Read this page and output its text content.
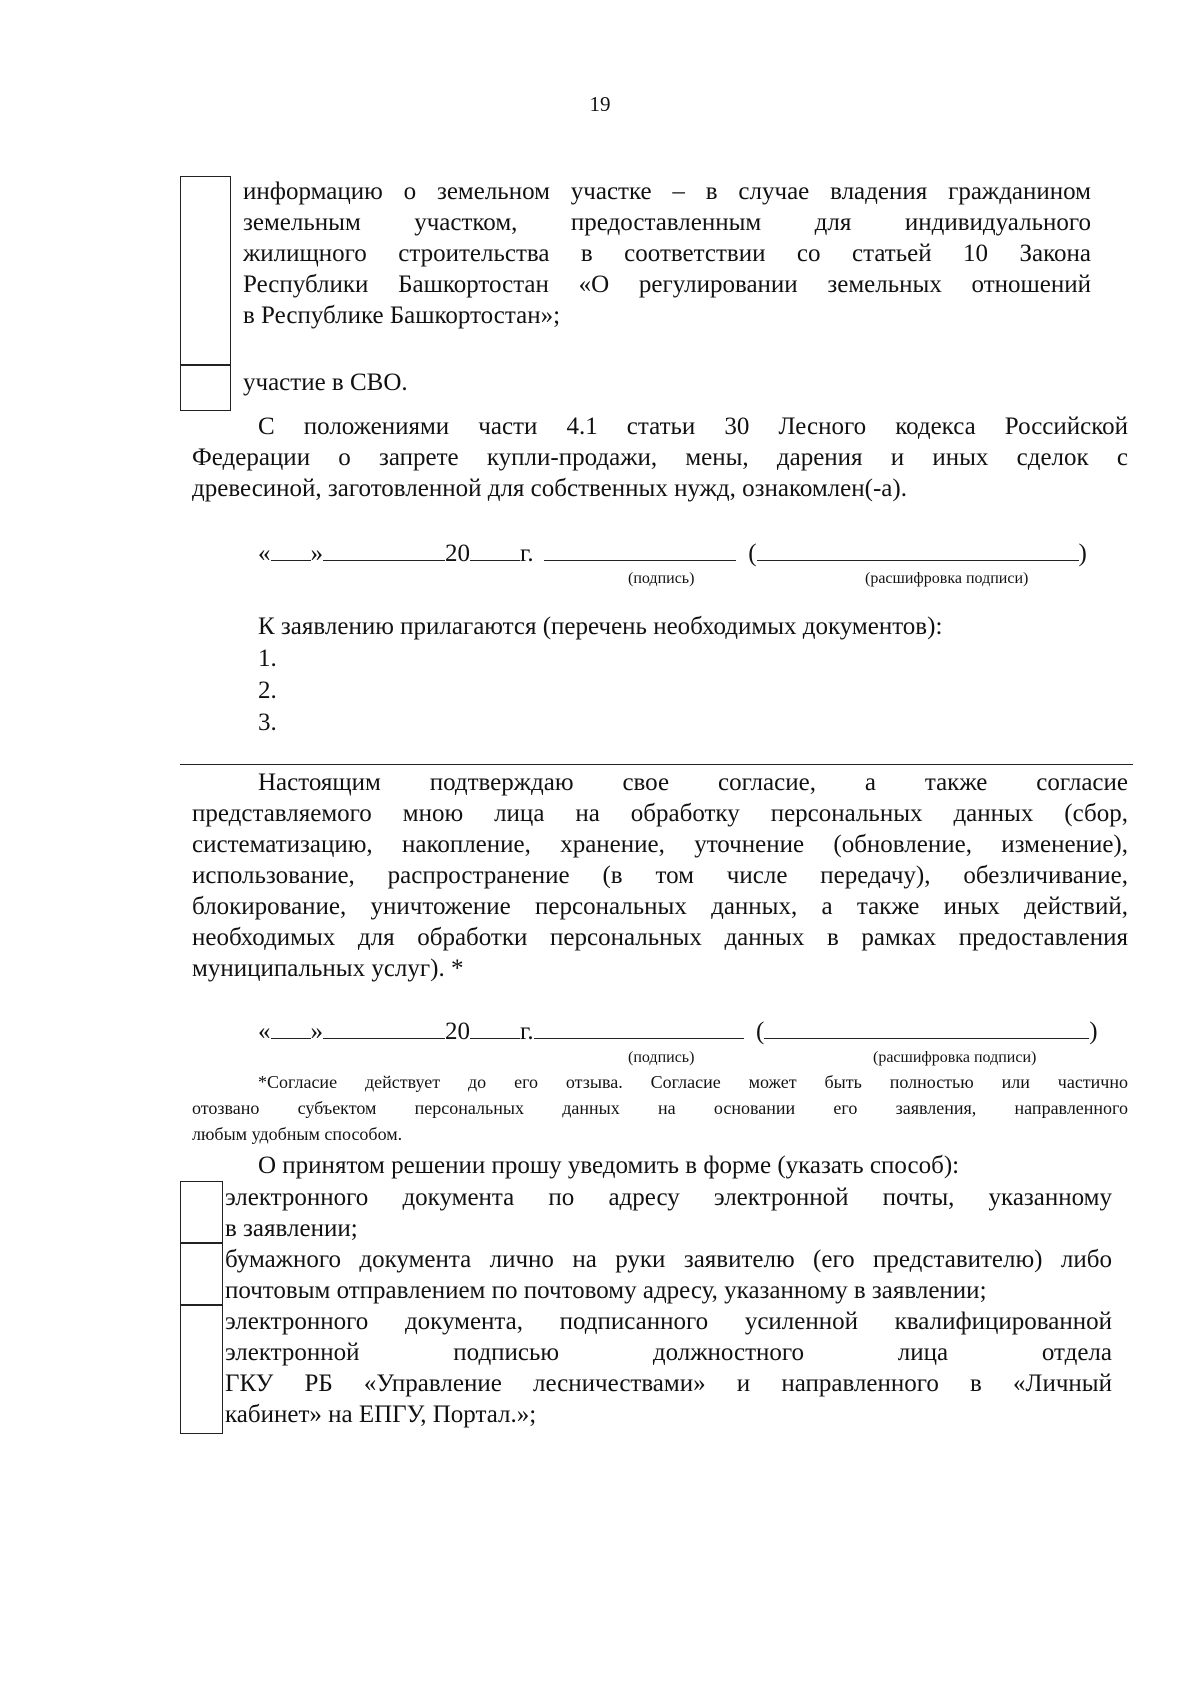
19
информацию о земельном участке – в случае владения гражданином
земельным участком, предоставленным для индивидуального
жилищного строительства в соответствии со статьей 10 Закона
Республики Башкортостан «О регулировании земельных отношений
в Республике Башкортостан»;
участие в СВО.
С положениями части 4.1 статьи 30 Лесного кодекса Российской
Федерации о запрете купли-продажи, мены, дарения и иных сделок с
древесиной, заготовленной для собственных нужд, ознакомлен(-а).
« »	20 г.	(	)
(подпись)	(расшифровка подписи)
К заявлению прилагаются (перечень необходимых документов):
1.
2.
3.
Настоящим подтверждаю свое согласие, а также согласие
представляемого мною лица на обработку персональных данных (сбор,
систематизацию, накопление, хранение, уточнение (обновление, изменение),
использование, распространение (в том числе передачу), обезличивание,
блокирование, уничтожение персональных данных, а также иных действий,
необходимых для обработки персональных данных в рамках предоставления
муниципальных услуг). *
« »	20 г.	(	)
(подпись)	(расшифровка подписи)
*Согласие действует до его отзыва. Согласие может быть полностью или частично
отозвано субъектом персональных данных на основании его заявления, направленного
любым удобным способом.
О принятом решении прошу уведомить в форме (указать способ):
электронного документа по адресу электронной почты, указанному
в заявлении;
бумажного документа лично на руки заявителю (его представителю) либо
почтовым отправлением по почтовому адресу, указанному в заявлении;
электронного документа, подписанного усиленной квалифицированной
электронной подписью должностного лица отдела
ГКУ РБ «Управление лесничествами» и направленного в «Личный
кабинет» на ЕПГУ, Портал.»;
